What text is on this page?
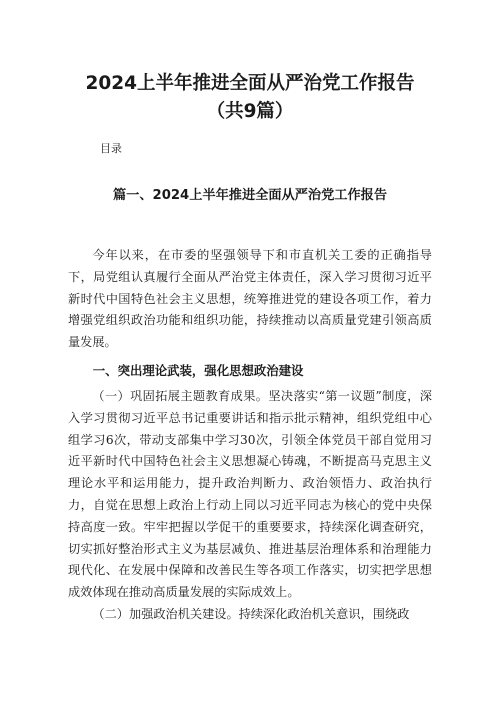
2024上半年推进全面从严治党工作报告（共9篇）
目录
篇一、2024上半年推进全面从严治党工作报告

今年以来，在市委的坚强领导下和市直机关工委的正确指导下，局党组认真履行全面从严治党主体责任，深入学习贯彻习近平新时代中国特色社会主义思想，统筹推进党的建设各项工作，着力增强党组织政治功能和组织功能，持续推动以高质量党建引领高质量发展。

一、突出理论武装，强化思想政治建设

（一）巩固拓展主题教育成果。坚决落实“第一议题”制度，深入学习贯彻习近平总书记重要讲话和指示批示精神，组织党组中心组学习6次，带动支部集中学习30次，引领全体党员干部自觉用习近平新时代中国特色社会主义思想凝心铸魂，不断提高马克思主义理论水平和运用能力，提升政治判断力、政治领悟力、政治执行力，自觉在思想上政治上行动上同以习近平同志为核心的党中央保持高度一致。牢牢把握以学促干的重要要求，持续深化调查研究，切实抓好整治形式主义为基层减负、推进基层治理体系和治理能力现代化、在发展中保障和改善民生等各项工作落实，切实把学思想成效体现在推动高质量发展的实际成效上。

（二）加强政治机关建设。持续深化政治机关意识，围绕政
